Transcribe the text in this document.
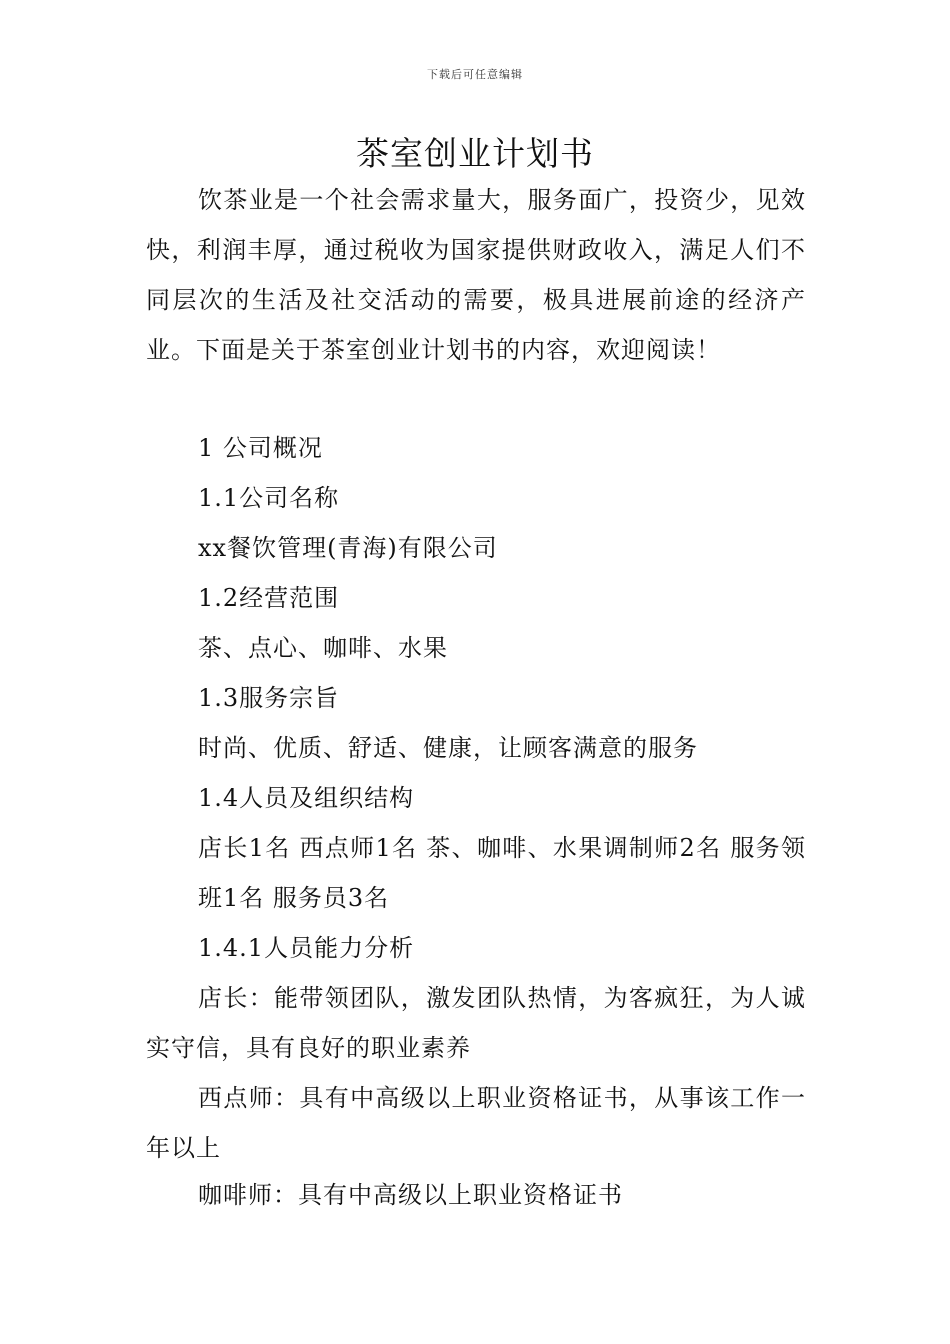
下载后可任意编辑
茶室创业计划书

饮茶业是一个社会需求量大，服务面广，投资少，见效快，利润丰厚，通过税收为国家提供财政收入，满足人们不同层次的生活及社交活动的需要，极具进展前途的经济产业。下面是关于茶室创业计划书的内容，欢迎阅读！

1 公司概况

1.1公司名称

xx餐饮管理(青海)有限公司

1.2经营范围

茶、点心、咖啡、水果

1.3服务宗旨

时尚、优质、舒适、健康，让顾客满意的服务

1.4人员及组织结构

店长1名 西点师1名 茶、咖啡、水果调制师2名 服务领班1名 服务员3名

1.4.1人员能力分析

店长：能带领团队，激发团队热情，为客疯狂，为人诚实守信，具有良好的职业素养

西点师：具有中高级以上职业资格证书，从事该工作一年以上

咖啡师：具有中高级以上职业资格证书
